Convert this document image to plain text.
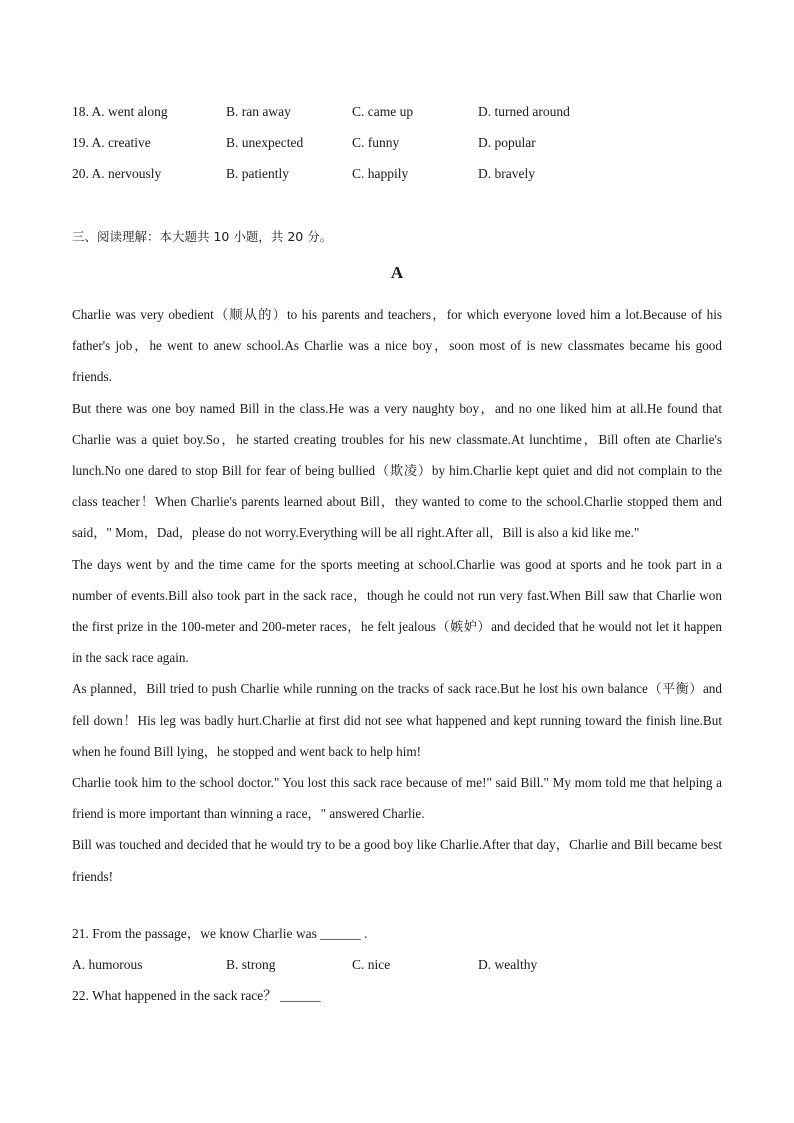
18. A. went along	B. ran away	C. came up	D. turned around
19. A. creative	B. unexpected	C. funny	D. popular
20. A. nervously	B. patiently	C. happily	D. bravely
三、阅读理解：本大题共 10 小题，共 20 分。
A

Charlie was very obedient（顺从的）to his parents and teachers，for which everyone loved him a lot.Because of his father's job，he went to anew school.As Charlie was a nice boy，soon most of is new classmates became his good friends.

But there was one boy named Bill in the class.He was a very naughty boy，and no one liked him at all.He found that Charlie was a quiet boy.So，he started creating troubles for his new classmate.At lunchtime，Bill often ate Charlie's lunch.No one dared to stop Bill for fear of being bullied（欺凌）by him.Charlie kept quiet and did not complain to the class teacher！When Charlie's parents learned about Bill，they wanted to come to the school.Charlie stopped them and said，" Mom，Dad，please do not worry.Everything will be all right.After all，Bill is also a kid like me."

The days went by and the time came for the sports meeting at school.Charlie was good at sports and he took part in a number of events.Bill also took part in the sack race，though he could not run very fast.When Bill saw that Charlie won the first prize in the 100-meter and 200-meter races，he felt jealous（嫉妒）and decided that he would not let it happen in the sack race again.

As planned，Bill tried to push Charlie while running on the tracks of sack race.But he lost his own balance（平衡）and fell down！His leg was badly hurt.Charlie at first did not see what happened and kept running toward the finish line.But when he found Bill lying，he stopped and went back to help him!

Charlie took him to the school doctor." You lost this sack race because of me!" said Bill." My mom told me that helping a friend is more important than winning a race，" answered Charlie.

Bill was touched and decided that he would try to be a good boy like Charlie.After that day，Charlie and Bill became best friends!

21. From the passage，we know Charlie was ______ .
A. humorous	B. strong	C. nice	D. wealthy
22. What happened in the sack race？ ______
